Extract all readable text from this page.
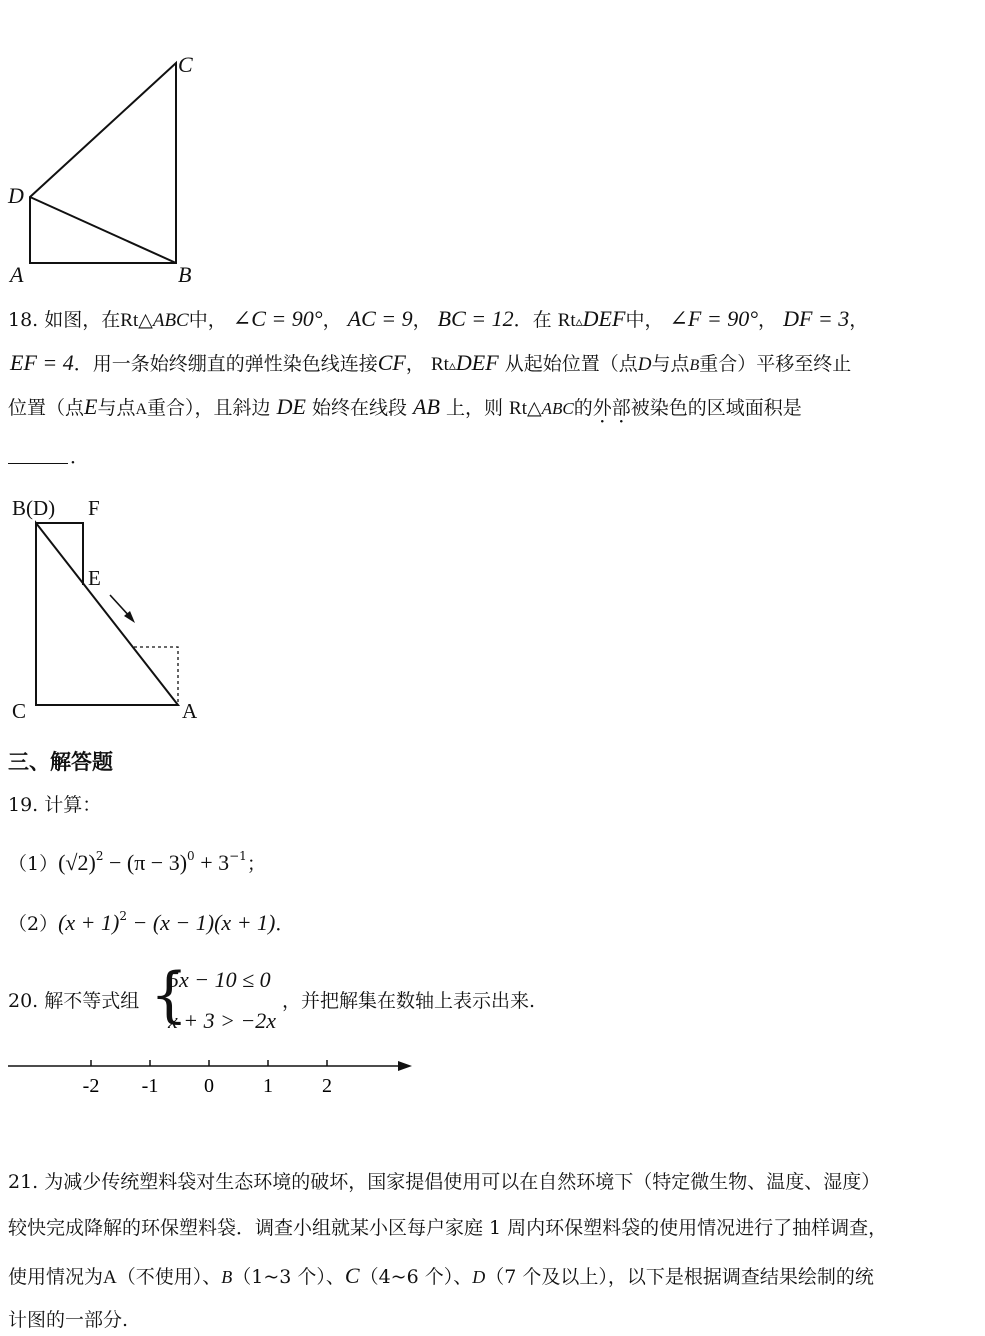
C
D
A	B
18. 如图，在Rt△ABC中， ∠C = 90°， AC = 9， BC = 12．在 Rt▵DEF中， ∠F = 90°， DF = 3，
EF = 4．用一条始终绷直的弹性染色线连接CF， Rt▵DEF 从起始位置（点D与点B重合）平移至终止
位置（点E与点A重合），且斜边 DE 始终在线段 AB 上，则 Rt△ABC的外部被染色的区域面积是
．
B(D) F
E
C	A
三、解答题
19. 计算：
$(1)(√2)^2 - (\pi - 3)^0 + 3^{-1}$；
$(2)(x + 1)^2 - (x - 1)(x + 1)$．
20. 解不等式组 {
5x − 10 ≤ 0
x + 3 > −2x
，并把解集在数轴上表示出来.
-2 -1 0 1 2
21. 为减少传统塑料袋对生态环境的破坏，国家提倡使用可以在自然环境下（特定微生物、温度、湿度）
较快完成降解的环保塑料袋．调查小组就某小区每户家庭 1 周内环保塑料袋的使用情况进行了抽样调查，
使用情况为A（不使用）、B（1~3 个）、C（4~6 个）、D（7 个及以上），以下是根据调查结果绘制的统
计图的一部分.
